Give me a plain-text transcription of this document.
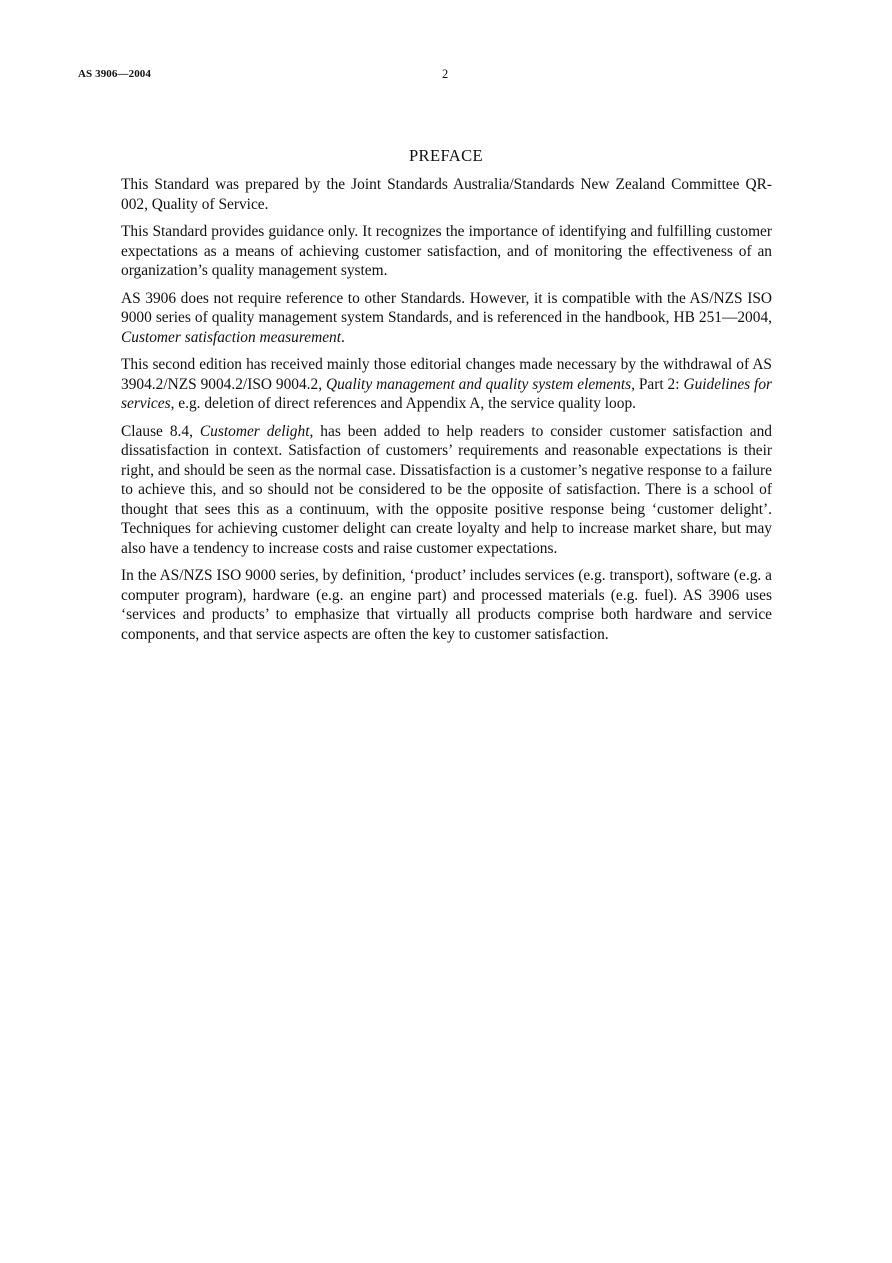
AS 3906—2004	2
PREFACE

This Standard was prepared by the Joint Standards Australia/Standards New Zealand Committee QR-002, Quality of Service.

This Standard provides guidance only. It recognizes the importance of identifying and fulfilling customer expectations as a means of achieving customer satisfaction, and of monitoring the effectiveness of an organization’s quality management system.

AS 3906 does not require reference to other Standards. However, it is compatible with the AS/NZS ISO 9000 series of quality management system Standards, and is referenced in the handbook, HB 251—2004, Customer satisfaction measurement.

This second edition has received mainly those editorial changes made necessary by the withdrawal of AS 3904.2/NZS 9004.2/ISO 9004.2, Quality management and quality system elements, Part 2: Guidelines for services, e.g. deletion of direct references and Appendix A, the service quality loop.

Clause 8.4, Customer delight, has been added to help readers to consider customer satisfaction and dissatisfaction in context. Satisfaction of customers’ requirements and reasonable expectations is their right, and should be seen as the normal case. Dissatisfaction is a customer’s negative response to a failure to achieve this, and so should not be considered to be the opposite of satisfaction. There is a school of thought that sees this as a continuum, with the opposite positive response being ‘customer delight’. Techniques for achieving customer delight can create loyalty and help to increase market share, but may also have a tendency to increase costs and raise customer expectations.

In the AS/NZS ISO 9000 series, by definition, ‘product’ includes services (e.g. transport), software (e.g. a computer program), hardware (e.g. an engine part) and processed materials (e.g. fuel). AS 3906 uses ‘services and products’ to emphasize that virtually all products comprise both hardware and service components, and that service aspects are often the key to customer satisfaction.
